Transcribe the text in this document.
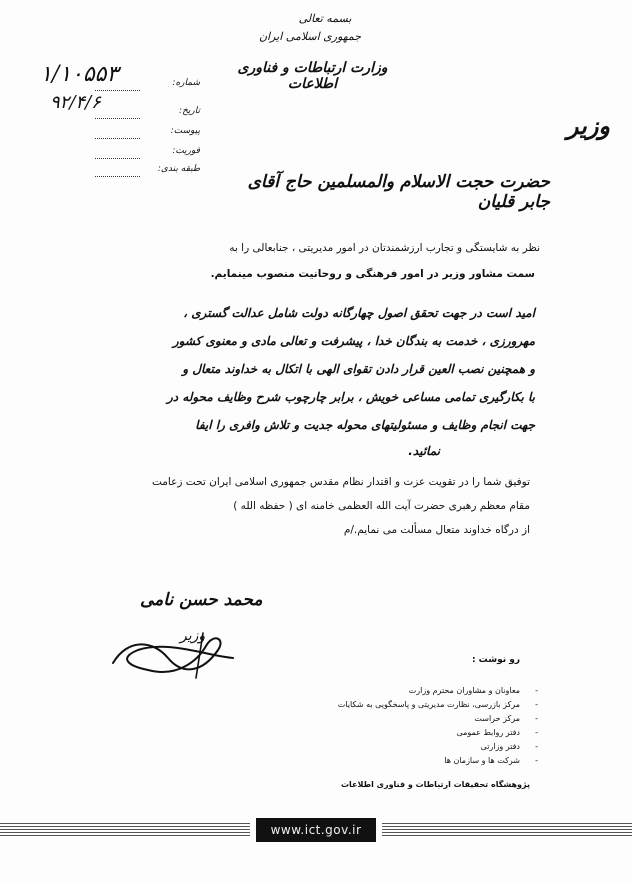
بسمه تعالی
جمهوری اسلامی ایران
وزارت ارتباطات و فناوری اطلاعات
وزیر
شماره:
تاریخ:
پیوست:
فوریت:
طبقه بندی:
۱/۱۰۵۵۳
۹۲/۴/۶
حضرت حجت الاسلام والمسلمین حاج آقای جابر قلیان
نظر به شایستگی و تجارب ارزشمندتان در امور مدیریتی ، جنابعالی را به
سمت مشاور وزیر در امور فرهنگی و روحانیت منصوب مینمایم.
امید است در جهت تحقق اصول چهارگانه دولت شامل عدالت گستری ،
مهرورزی ، خدمت به بندگان خدا ، پیشرفت و تعالی مادی و معنوی کشور
و همچنین نصب العین قرار دادن تقوای الهی با اتکال به خداوند متعال و
با بکارگیری تمامی مساعی خویش ، برابر چارچوب شرح وظایف محوله در
جهت انجام وظایف و مسئولیتهای محوله جدیت و تلاش وافری را ایفا
نمائید.
توفیق شما را در تقویت عزت و اقتدار نظام مقدس جمهوری اسلامی ایران تحت زعامت
مقام معظم رهبری حضرت آیت الله العظمی خامنه ای ( حفظه الله )
از درگاه خداوند متعال مسألت می نمایم./م
محمد حسن نامی
وزیر
رو نوشت :
-
معاونان و مشاوران محترم وزارت
-
مرکز بازرسی، نظارت مدیریتی و پاسخگویی به شکایات
-
مرکز حراست
-
دفتر روابط عمومی
-
دفتر وزارتی
-
شرکت ها و سازمان ها
پژوهشگاه تحقیقات ارتباطات و فناوری اطلاعات
www.ict.gov.ir
